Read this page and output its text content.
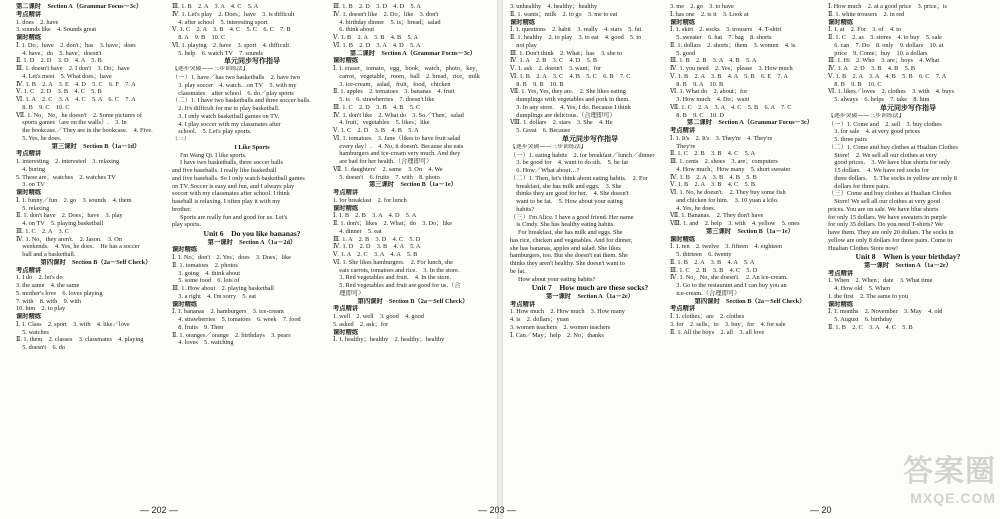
第二课时　Section A（Grammar Focus－3c）
考点精讲
1. does　2. have
3. sounds like　4. Sounds great
课时精练
Ⅰ. 1. Do；have　2. don't；has　3. have；does
　4. have；do　5. have；doesn't
Ⅱ. 1. D　2. D　3. D　4. A　5. B
Ⅲ. 1. doesn't have　2. I don't　3. Do；have
　4. Let's meet　5. What does；have
Ⅳ. 1. B　2. A　3. E　4. D　5. C　6. F　7. A
Ⅴ. 1. C　2. D　3. B　4. C　5. B
Ⅵ. 1. A　2. C　3. A　4. C　5. A　6. C　7. A
　8. B　9. C　10. C
Ⅶ. 1. No，No，he doesn't　2. Some pictures of
　sports games（are on the walls）.　3. In
　the bookcase.／They are in the bookcase.　4. Five.
　5. Yes, he does.
第三课时　Section B（1a－1d）
考点精讲
1. interesting　2. interested　3. relaxing
　4. boring
5. These are；watches　2. watches TV
　3. on TV
课时精练
Ⅰ. 1. funny／fun　2. go　3. sounds　4. them
　5. relaxing
Ⅱ. 1. don't have　2. Does；have　3. play
　4. on TV　5. playing basketball
Ⅲ. 1. C　2. A　3. C
Ⅳ. 1. No，they aren't.　2. Jason.　3. On
　weekends.　4. Yes, he does.　He has a soccer
　ball and a basketball.
第四课时　Section B（2a－Self Check）
考点精讲
1. I do　2. let's do
3. the same　4. the same
5. mother's love　6. loves playing
7. with　8. with　9. with
10. him　2. to play
课时精练
Ⅰ. 1. Class　2. sport　3. with　4. like／love
　5. watches
Ⅱ. 1. them　2. classes　3. classmates　4. playing
　5. doesn't　6. do
Ⅲ. 1. B　2. A　3. A　4. C　5. A
Ⅳ. 1. Let's play　2. Does；have　3. is difficult
　4. after school　5. interesting sport
Ⅴ. 1. C　2. A　3. B　4. C　5. C　6. C　7. B
　8. A　9. B　10. C
Ⅵ. 1. playing　2. have　3. sport　4. difficult
　5. help　6. watch TV　7. sounds
单元同步写作指导
【逐步突破——三步训练法】
（一）1. have／has two basketballs　2. have two
　3. play soccer　4. watch…on TV　5. with my
　classmates　after school　6. do／play sports
（二）1. I have two basketballs and three soccer balls.
　2. It's difficult for me to play basketball.
　3. I only watch basketball games on TV.
　4. I play soccer with my classmates after
　school.　5. Let's play sports.
（三）
I Like Sports
I'm Wang Qi. I like sports.
I have two basketballs, three soccer balls
and five baseballs. I really like basketball
and five baseballs. So I only watch basketball games
on TV. Soccer is easy and fun, and I always play
soccer with my classmates after school. I think
baseball is relaxing. I often play it with my
brother.
Sports are really fun and good for us. Let's
play sports.
Unit 6　Do you like bananas?
第一课时　Section A（1a－2d）
课时精练
Ⅰ. 1. No；don't　2. Yes；does　3. Does；like
Ⅱ. 1. tomatoes　2. photos
　3. going　4. think about
　5. some food　6. lots of
Ⅲ. 1. How about　2. playing basketball
　3. a right　4. I'm sorry　5. eat
课时精练
Ⅰ. 1. bananas　2. hamburgers　3. ice-cream
　4. strawberries　5. tomatoes　6. week　7. food
　8. fruits　9. Then
Ⅱ. 1. oranges／orange　2. birthdays　3. pears
　4. loves　5. watching
Ⅲ. 1. B　2. D　3. D　4. D　5. A
Ⅳ. 1. doesn't like　2. Do；like　3. don't
　4. birthday dinner　5. is；bread；salad
　6. think about
Ⅴ. 1. B　2. A　3. B　4. B　5. A
Ⅵ. 1. B　2. D　3. A　4. D　5. A
第二课时　Section A（Grammar Focus－3c）
课时精练
Ⅰ. 1. eraser，tomato，egg，book，watch，photo，key，
　carrot，vegetable，room，ball　2. bread，rice，milk
　3. ice-cream，salad，fruit，food，chicken
Ⅱ. 1. apples　2. tomatoes　3. bananas　4. fruit
　5. is　6. strawberries　7. doesn't like
Ⅲ. 1. C　2. D　3. B　4. B　5. C
Ⅳ. 1. don't like　2. What do　3. So／Then；salad
　4. fruit；vegetables　5. likes；like
Ⅴ. 1. C　2. D　3. B　4. B　5. A
Ⅵ. 1. tomatoes　3. Jane（likes to have fruit salad
　every day）.　4. No, it doesn't. Because she eats
　hamburgers and ice-cream very much. And they
　are bad for her health.（合理即可）
Ⅶ. 1. daughters'　2. same　3. On　4. We
　5. doesn't　6. fruits　7. with　8. photo
第三课时　Section B（1a－1e）
考点精讲
1. for breakfast　2. for lunch
课时精练
Ⅰ. 1. B　2. B　3. A　4. D　5. A
Ⅱ. 1. don't；likes　2. What；do　3. Do；like
　4. dinner　5. eat
Ⅲ. 1. A　2. B　3. D　4. C　5. D
Ⅳ. 1. D　2. D　3. B　4. A　5. A
Ⅴ. 1. A　2. C　3. A　4. A　5. B
Ⅵ. 1. She likes hamburgers.　2. For lunch, she
　eats carrots, tomatoes and rice.　3. In the store.
　3. Red vegetables and fruit.　4. In the store.
　5. Red vegetables and fruit are good for us.（合
　理即可）
第四课时　Section B（2a－Self Check）
考点精讲
1. well　2. well　3. good　4. good
5. asked　2. ask；for
课时精练
Ⅰ. 1. healthy；healthy　2. healthy；healthy
— 202 —
3. unhealthy　4. healthy；healthy
Ⅱ. 1. wants；milk　2. to go　3. me to eat
课时精练
Ⅰ. 1. questions　2. habit　3. really　4. stars　5. fat
Ⅱ. 1. healthy　2. to play　3. to eat　4. good　5. to
　not play
Ⅲ. 1. Don't think　2. What；has　3. she to
Ⅳ. 1. A　2. B　3. C　4. D　5. B
Ⅴ. 1. ask　2. doesn't　3. want；for
Ⅵ. 1. B　2. A　3. C　4. B　5. C　6. B　7. C
　8. B　9. B　10. B
Ⅶ. 1. Yes, Yes, they are.　2. She likes eating
　dumplings with vegetables and pork in them.
　3. In any store.　4. Yes, I do. Because I think
　dumplings are delicious.（合理即可）
Ⅷ. 1. dollars　2. stars　3. She　4. He
　5. Great　6. Because
单元同步写作指导
【逐步突破——三步训练法】
（一）1. eating habits　2. for breakfast／lunch／dinner
　3. be good for　4. want to do sth.　5. be fat
　6. How／What about…?
（二）1. Then, let's think about eating habits.　2. For
　breakfast, she has milk and eggs.　3. She
　thinks they are good for her.　4. She doesn't
　want to be fat.　5. How about your eating
　habits?
（三）I'm Alice. I have a good friend. Her name
　is Cindy. She has healthy eating habits.
For breakfast, she has milk and eggs. She
has rice, chicken and vegetables. And for dinner,
she has bananas, apples and salad. She likes
hamburgers, too. But she doesn't eat them. She
thinks they aren't healthy. She doesn't want to
be fat.
How about your eating habits?
Unit 7　How much are these socks?
第一课时　Section A（1a－2e）
考点精讲
1. How much　2. How much　3. How many
4. is　2. dollars；yuan
3. women teachers　2. women teachers
Ⅰ. Can／May；help　2. No；thanks
3. me　2. go　3. to have
Ⅰ. has one　2. is it　3. Look at
课时精练
Ⅰ. 1. skirt　2. socks　3. trousers　4. T-shirt
　5. sweater　6. hat　7. bag　8. shorts
Ⅱ. 1. dollars　2. shorts；them　3. women　4. is
　5. good
Ⅲ. 1. B　2. B　3. A　4. B　5. A
Ⅳ. 1. you need　2. Yes；please　3. How much
Ⅴ. 1. B　2. A　3. B　4. A　5. B　6. E　7. A
　8. B　9. A　10. B
Ⅵ. 1. What do　2. about；for
　3. How much　4. Do；want
Ⅶ. 1. C　2. A　3. A　4. C　5. B　6. A　7. C
　8. B　9. C　10. D
第二课时　Section A（Grammar Focus－3c）
考点精讲
Ⅰ. 1. It's　2. It's　3. They're　4. They're
　They're
Ⅱ. 1. C　2. B　3. B　4. C　5. A
Ⅲ. 1. cents　2. shoes　3. are；computers
　4. How much；How many　5. short sweater
Ⅳ. 1. B　2. A　3. B　4. B　5. B
Ⅴ. 1. B　2. A　3. B　4. C　5. B
Ⅵ. 1. No, he doesn't.　2. They buy some fish
　and chicken for him.　3. 10 yuan a kilo.
　4. Yes, he does.
Ⅶ. 1. Bananas.　2. They don't have
Ⅷ. 1. and　2. help　3. with　4. yellow　5. ones
第三课时　Section B（1a－1e）
课时精练
Ⅰ. 1. ten　2. twelve　3. fifteen　4. eighteen
　5. thirteen　6. twenty
Ⅱ. 1. B　2. A　3. B　4. A　5. A
Ⅲ. 1. C　2. B　3. B　4. C　5. D
Ⅳ. 1. No，No, she doesn't.　2. An ice-cream.
　3. Go to the restaurant and I can buy you an
　ice-cream.（合理即可）
第四课时　Section B（2a－Self Check）
考点精讲
Ⅰ. 1. clothes；are　2. clothes
3. for　2. sells；to　3. buy；for　4. for sale
Ⅱ. 1. All the boys　2. all　3. all love
Ⅰ. How much　2. at a good price　3. price；is
Ⅱ. 1. white trousers　2. in red
课时精练
Ⅰ. 1. at　2. For　3. of　4. to
Ⅱ. 1. C　2. as　3. stores　4. to buy　5. sale
　6. can　7. Do　8. only　9. dollars　10. at
　price　9. Come；buy　10. a dollars
Ⅲ. 1. Hi　2. Who　3. are；boys　4. What
Ⅳ. 1. A　2. D　3. B　4. B　5. B
Ⅴ. 1. B　2. A　3. A　4. B　5. B　6. C　7. A
　8. B　9. B　10. C
Ⅵ. 1. likes／loves　2. clothes　3. with　4. buys
　5. always　6. helps　7. take　8. him
单元同步写作指导
【逐步突破——三步训练法】
（一）1. Come and　2. sell　3. buy clothes
　3. for sale　4. at very good prices
　5. three pairs
（二）1. Come and buy clothes at Hualian Clothes
　Store!　2. We sell all our clothes at very
　good prices.　3. We have blue shorts for only
　15 dollars.　4. We have red socks for
　three dollars.　5. The socks in yellow are only 8
　dollars for three pairs.
（三）Come and buy clothes at Hualian Clothes
　Store! We sell all our clothes at very good
prices. You are on sale. We have blue shorts
for only 15 dollars. We have sweaters in purple
for only 35 dollars. Do you need T-shirts? We
have them. They are only 20 dollars. The socks in
yellow are only 8 dollars for three pairs. Come to
Hualian Clothes Store now!
Unit 8　When is your birthday?
第一课时　Section A（1a－2e）
考点精讲
1. When　2. When；date　3. What time
　4. How old　5. When
1. the first　2. The same to you
课时精练
Ⅰ. 1. months　2. November　3. May　4. old
　5. August　6. birthday
Ⅱ. 1. B　2. C　3. A　4. C　5. B
— 203 —	— 20
答案圈
MXQE.COM
